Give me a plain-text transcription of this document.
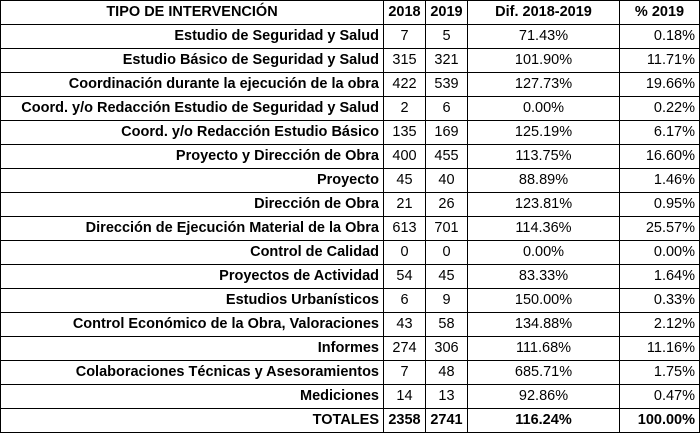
TIPO DE INTERVENCIÓN	2018	2019	Dif. 2018-2019	% 2019
Estudio de Seguridad y Salud	7	5	71.43%	0.18%
Estudio Básico de Seguridad y Salud	315	321	101.90%	11.71%
Coordinación durante la ejecución de la obra	422	539	127.73%	19.66%
Coord. y/o Redacción Estudio de Seguridad y Salud	2	6	0.00%	0.22%
Coord. y/o Redacción Estudio Básico	135	169	125.19%	6.17%
Proyecto y Dirección de Obra	400	455	113.75%	16.60%
Proyecto	45	40	88.89%	1.46%
Dirección de Obra	21	26	123.81%	0.95%
Dirección de Ejecución Material de la Obra	613	701	114.36%	25.57%
Control de Calidad	0	0	0.00%	0.00%
Proyectos de Actividad	54	45	83.33%	1.64%
Estudios Urbanísticos	6	9	150.00%	0.33%
Control Económico de la Obra, Valoraciones	43	58	134.88%	2.12%
Informes	274	306	111.68%	11.16%
Colaboraciones Técnicas y Asesoramientos	7	48	685.71%	1.75%
Mediciones	14	13	92.86%	0.47%
TOTALES	2358	2741	116.24%	100.00%
